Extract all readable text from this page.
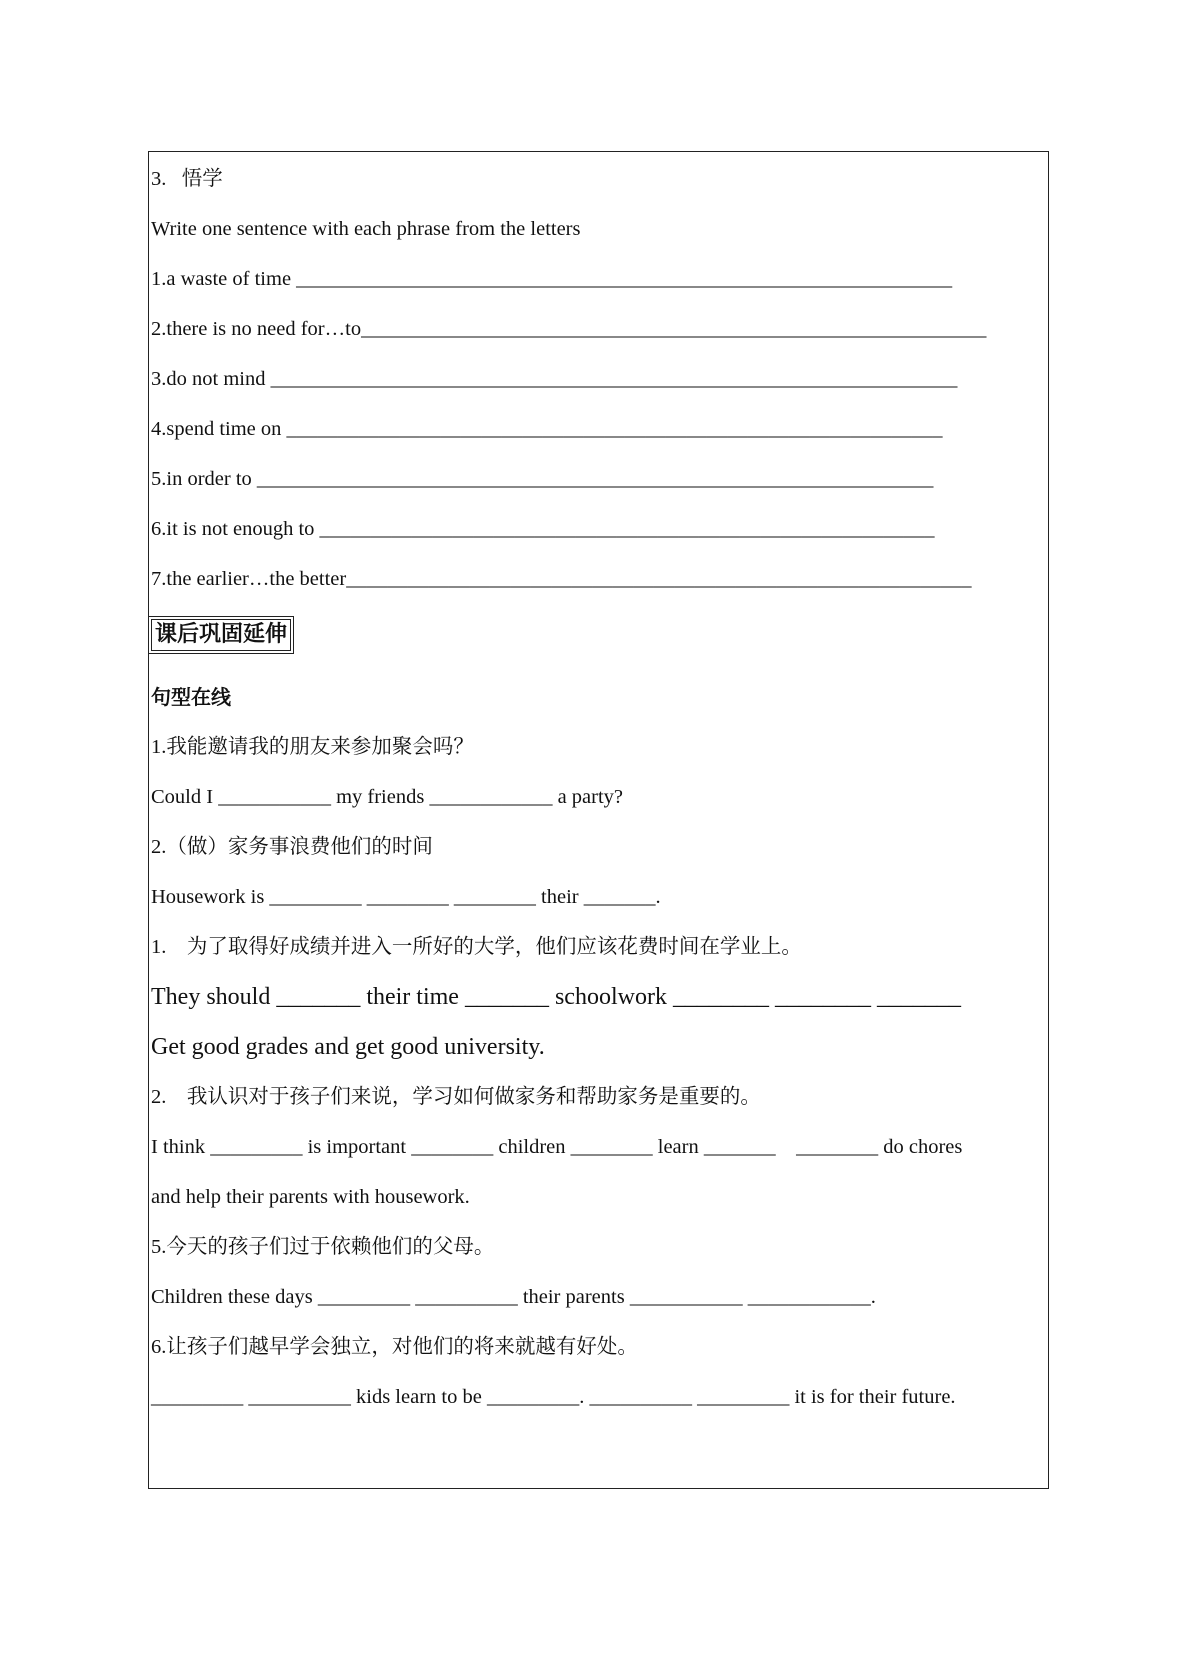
3.   悟学
Write one sentence with each phrase from the letters
1.a waste of time ________________________________________________________________
2.there is no need for…to_____________________________________________________________
3.do not mind ___________________________________________________________________
4.spend time on ________________________________________________________________
5.in order to __________________________________________________________________
6.it is not enough to ____________________________________________________________
7.the earlier…the better_____________________________________________________________
课后巩固延伸
句型在线
1.我能邀请我的朋友来参加聚会吗？
Could I ___________ my friends ____________ a party?
2.（做）家务事浪费他们的时间
Housework is _________ ________ ________ their _______.
1.    为了取得好成绩并进入一所好的大学，他们应该花费时间在学业上。
They should _______ their time _______ schoolwork ________ ________ _______
Get good grades and get good university.
2.    我认识对于孩子们来说，学习如何做家务和帮助家务是重要的。
I think _________ is important ________ children ________ learn _______    ________ do chores
and help their parents with housework.
5.今天的孩子们过于依赖他们的父母。
Children these days _________ __________ their parents ___________ ____________.
6.让孩子们越早学会独立，对他们的将来就越有好处。
_________ __________ kids learn to be _________. __________ _________ it is for their future.
